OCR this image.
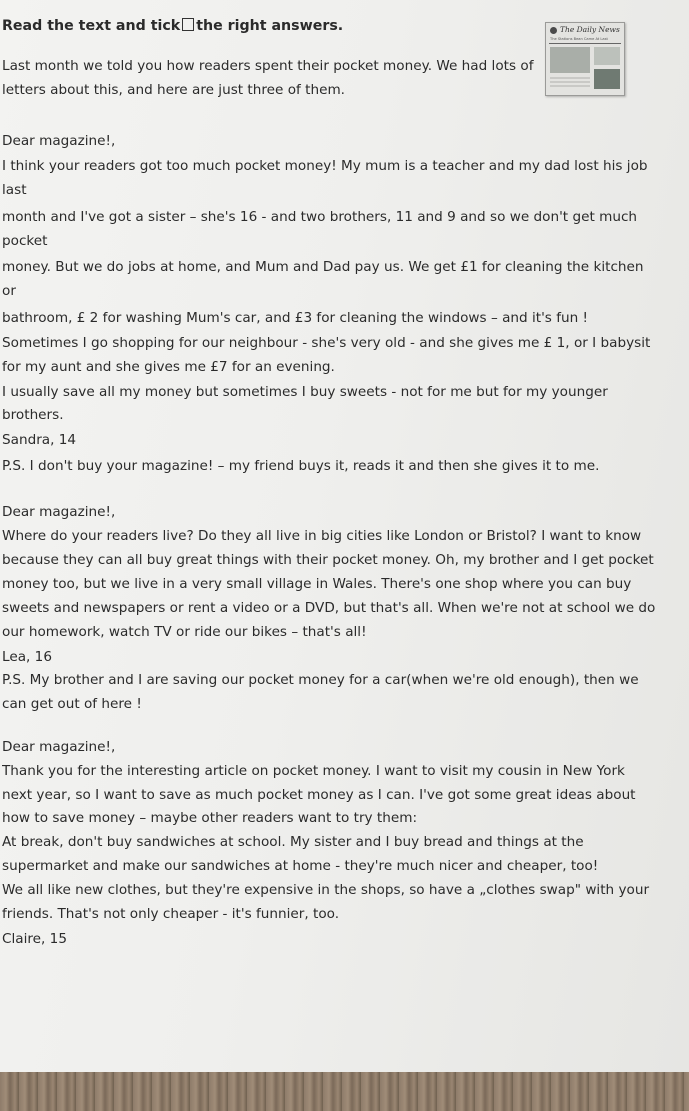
Read the text and tick the right answers.	The Daily News
The Stations Bean Came At Last

Last month we told you how readers spent their pocket money. We had lots of

letters about this, and here are just three of them.

Dear magazine!,

I think your readers got too much pocket money! My mum is a teacher and my dad lost his job

last

month and I've got a sister – she's 16 - and two brothers, 11 and 9 and so we don't get much

pocket

money. But we do jobs at home, and Mum and Dad pay us. We get £1 for cleaning the kitchen

or

bathroom, £ 2 for washing Mum's car, and £3 for cleaning the windows – and it's fun !

Sometimes I go shopping for our neighbour - she's very old - and she gives me £ 1, or I babysit

for my aunt and she gives me £7 for an evening.

I usually save all my money but sometimes I buy sweets - not for me but for my younger

brothers.

Sandra, 14

P.S. I don't buy your magazine! – my friend buys it, reads it and then she gives it to me.

Dear magazine!,

Where do your readers live? Do they all live in big cities like London or Bristol? I want to know

because they can all buy great things with their pocket money. Oh, my brother and I get pocket

money too, but we live in a very small village in Wales. There's one shop where you can buy

sweets and newspapers or rent a video or a DVD, but that's all. When we're not at school we do

our homework, watch TV or ride our bikes – that's all!

Lea, 16

P.S. My brother and I are saving our pocket money for a car(when we're old enough), then we

can get out of here !

Dear magazine!,

Thank you for the interesting article on pocket money. I want to visit my cousin in New York

next year, so I want to save as much pocket money as I can. I've got some great ideas about

how to save money – maybe other readers want to try them:

At break, don't buy sandwiches at school. My sister and I buy bread and things at the

supermarket and make our sandwiches at home - they're much nicer and cheaper, too!

We all like new clothes, but they're expensive in the shops, so have a „clothes swap" with your

friends. That's not only cheaper - it's funnier, too.

Claire, 15
